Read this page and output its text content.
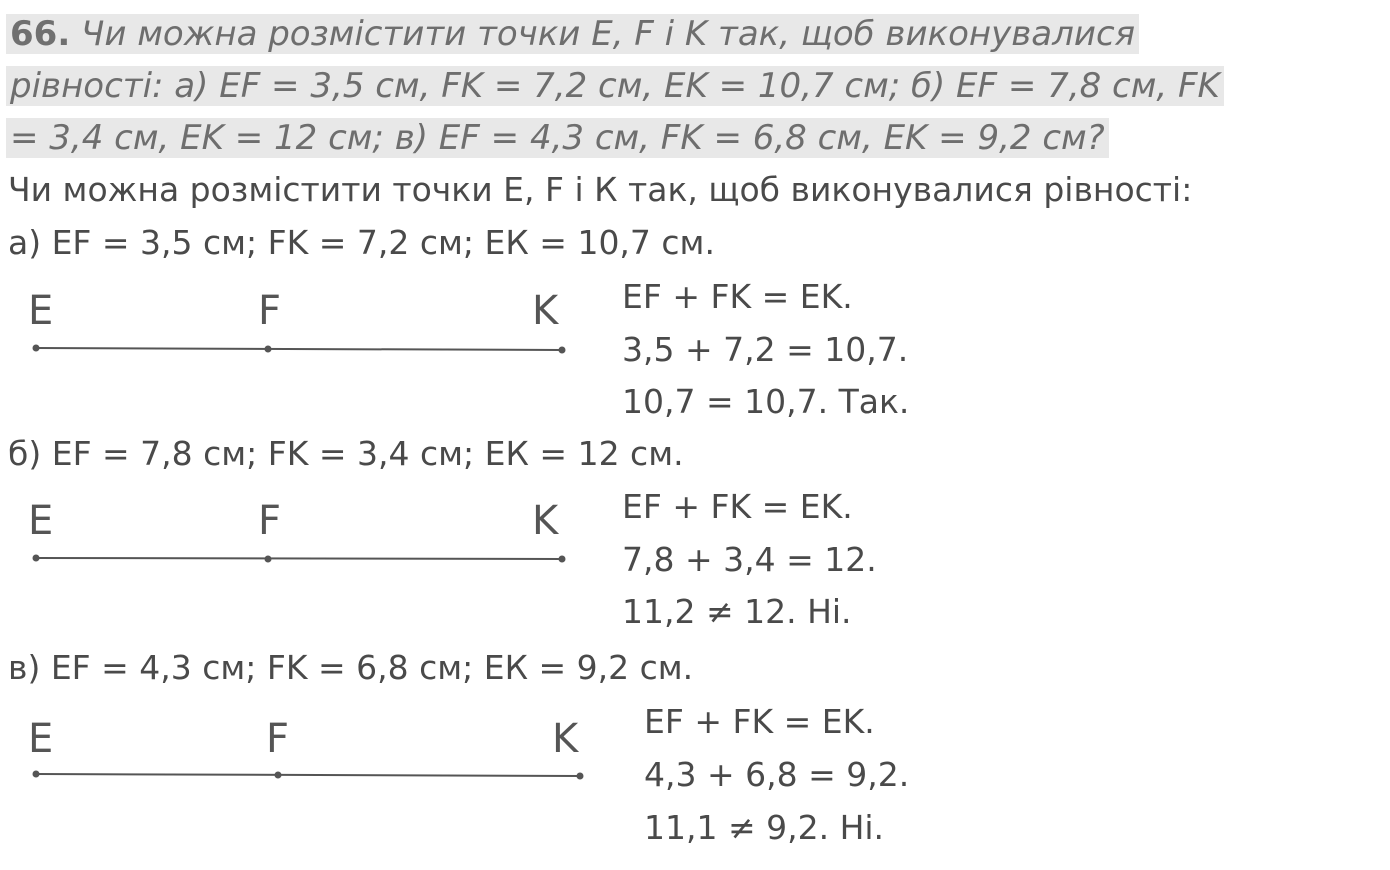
66. Чи можна розмістити точки E, F і K так, щоб виконувалися
рівності: а) EF = 3,5 см, FK = 7,2 см, EK = 10,7 см; б) EF = 7,8 см, FK
= 3,4 см, EK = 12 см; в) EF = 4,3 см, FK = 6,8 см, EK = 9,2 см?
Чи можна розмістити точки Е, F і К так, щоб виконувалися рівності:
а) EF = 3,5 см; FK = 7,2 см; ЕК = 10,7 см.
E	F	K EF + FK = EK.
3,5 + 7,2 = 10,7.
10,7 = 10,7. Так.
б) EF = 7,8 см; FK = 3,4 см; ЕК = 12 см.
E	F	K EF + FK = EK.
7,8 + 3,4 = 12.
11,2 ≠ 12. Ні.
в) EF = 4,3 см; FK = 6,8 см; ЕК = 9,2 см.
E	F	K EF + FK = EK.
4,3 + 6,8 = 9,2.
11,1 ≠ 9,2. Ні.
